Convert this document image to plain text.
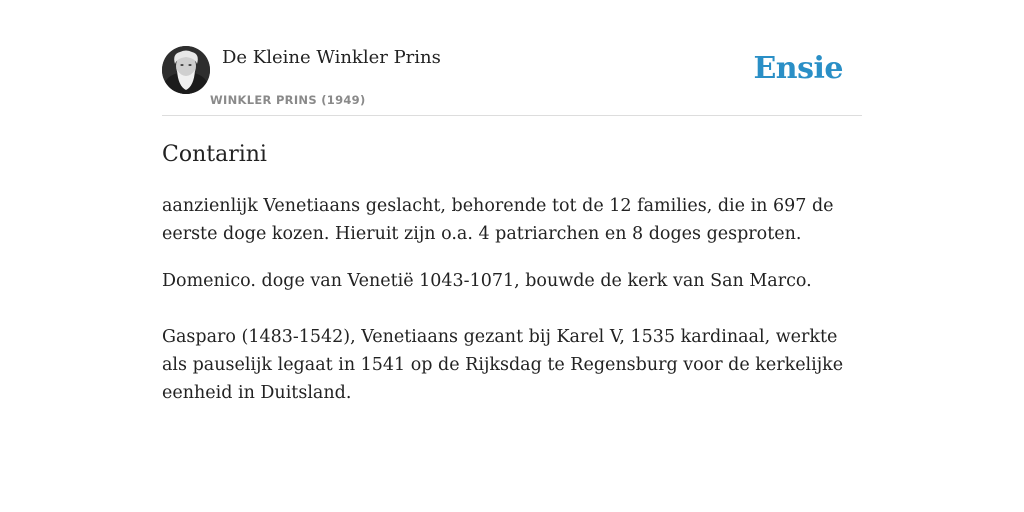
De Kleine Winkler Prins
WINKLER PRINS (1949)
Ensie
Contarini

aanzienlijk Venetiaans geslacht, behorende tot de 12 families, die in 697 de eerste doge kozen. Hieruit zijn o.a. 4 patriarchen en 8 doges gesproten.

Domenico. doge van Venetië 1043-1071, bouwde de kerk van San Marco.

Gasparo (1483-1542), Venetiaans gezant bij Karel V, 1535 kardinaal, werkte als pauselijk legaat in 1541 op de Rijksdag te Regensburg voor de kerkelijke eenheid in Duitsland.
